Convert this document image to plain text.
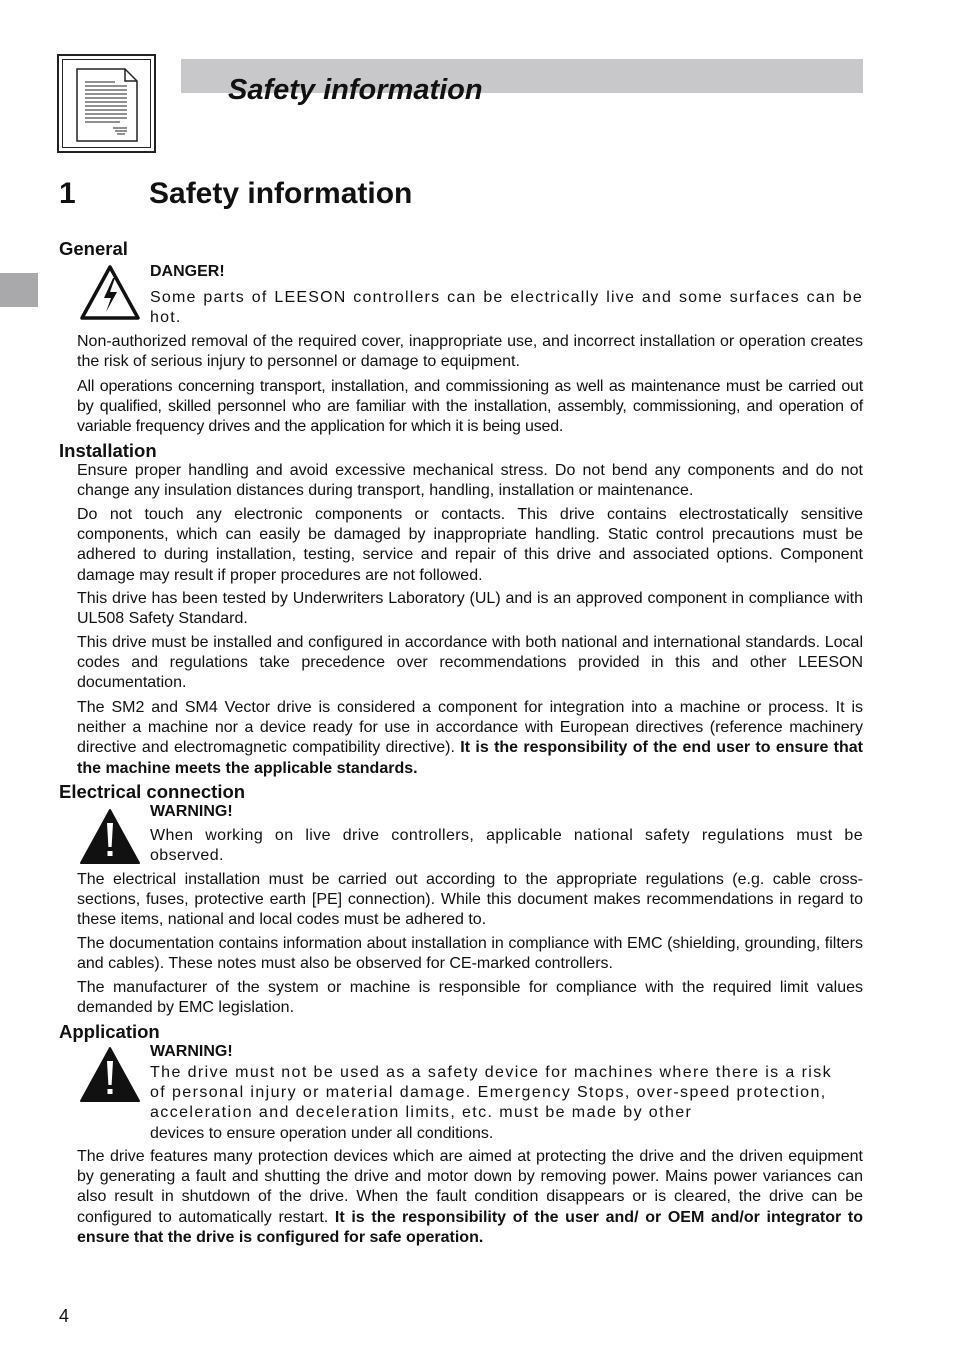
Safety information
1 Safety information
General
DANGER!
Some parts of LEESON controllers can be electrically live and some surfaces can be hot.
Non-authorized removal of the required cover, inappropriate use, and incorrect installation or operation creates the risk of serious injury to personnel or damage to equipment.
All operations concerning transport, installation, and commissioning as well as maintenance must be carried out by qualified, skilled personnel who are familiar with the installation, assembly, commissioning, and operation of variable frequency drives and the application for which it is being used.
Installation
Ensure proper handling and avoid excessive mechanical stress. Do not bend any components and do not change any insulation distances during transport, handling, installation or maintenance.
Do not touch any electronic components or contacts. This drive contains electrostatically sensitive components, which can easily be damaged by inappropriate handling. Static control precautions must be adhered to during installation, testing, service and repair of this drive and associated options. Component damage may result if proper procedures are not followed.
This drive has been tested by Underwriters Laboratory (UL) and is an approved component in compliance with UL508 Safety Standard.
This drive must be installed and configured in accordance with both national and international standards. Local codes and regulations take precedence over recommendations provided in this and other LEESON documentation.
The SM2 and SM4 Vector drive is considered a component for integration into a machine or process. It is neither a machine nor a device ready for use in accordance with European directives (reference machinery directive and electromagnetic compatibility directive). It is the responsibility of the end user to ensure that the machine meets the applicable standards.
Electrical connection
WARNING!
When working on live drive controllers, applicable national safety regulations must be observed.
The electrical installation must be carried out according to the appropriate regulations (e.g. cable cross-sections, fuses, protective earth [PE] connection). While this document makes recommendations in regard to these items, national and local codes must be adhered to.
The documentation contains information about installation in compliance with EMC (shielding, grounding, filters and cables). These notes must also be observed for CE-marked controllers.
The manufacturer of the system or machine is responsible for compliance with the required limit values demanded by EMC legislation.
Application
WARNING!
The drive must not be used as a safety device for machines where there is a risk of personal injury or material damage. Emergency Stops, over-speed protection, acceleration and deceleration limits, etc. must be made by other
devices to ensure operation under all conditions.
The drive features many protection devices which are aimed at protecting the drive and the driven equipment by generating a fault and shutting the drive and motor down by removing power. Mains power variances can also result in shutdown of the drive. When the fault condition disappears or is cleared, the drive can be configured to automatically restart. It is the responsibility of the user and/ or OEM and/or integrator to ensure that the drive is configured for safe operation.
4
